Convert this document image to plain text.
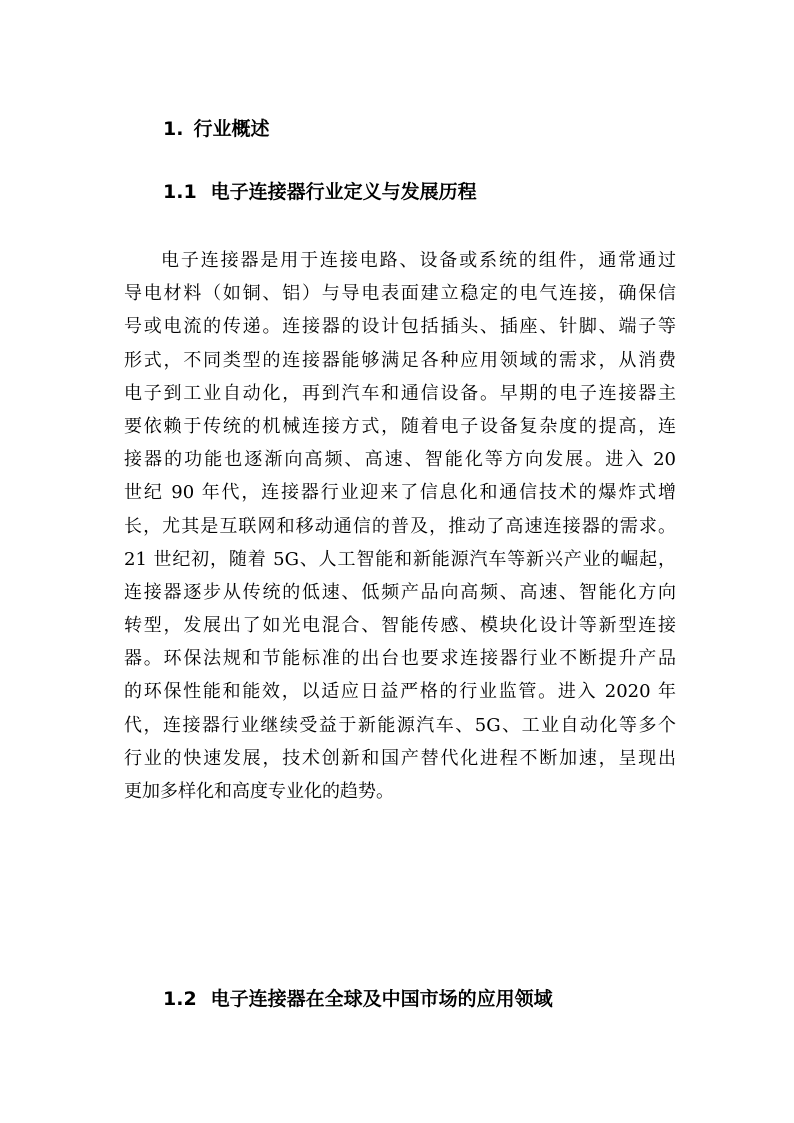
1. 行业概述
1.1 电子连接器行业定义与发展历程

电子连接器是用于连接电路、设备或系统的组件，通常通过
导电材料（如铜、铝）与导电表面建立稳定的电气连接，确保信
号或电流的传递。连接器的设计包括插头、插座、针脚、端子等
形式，不同类型的连接器能够满足各种应用领域的需求，从消费
电子到工业自动化，再到汽车和通信设备。早期的电子连接器主
要依赖于传统的机械连接方式，随着电子设备复杂度的提高，连
接器的功能也逐渐向高频、高速、智能化等方向发展。进入 20
世纪 90 年代，连接器行业迎来了信息化和通信技术的爆炸式增
长，尤其是互联网和移动通信的普及，推动了高速连接器的需求。
21 世纪初，随着 5G、人工智能和新能源汽车等新兴产业的崛起，
连接器逐步从传统的低速、低频产品向高频、高速、智能化方向
转型，发展出了如光电混合、智能传感、模块化设计等新型连接
器。环保法规和节能标准的出台也要求连接器行业不断提升产品
的环保性能和能效，以适应日益严格的行业监管。进入 2020 年
代，连接器行业继续受益于新能源汽车、5G、工业自动化等多个
行业的快速发展，技术创新和国产替代化进程不断加速，呈现出
更加多样化和高度专业化的趋势。

1.2 电子连接器在全球及中国市场的应用领域
